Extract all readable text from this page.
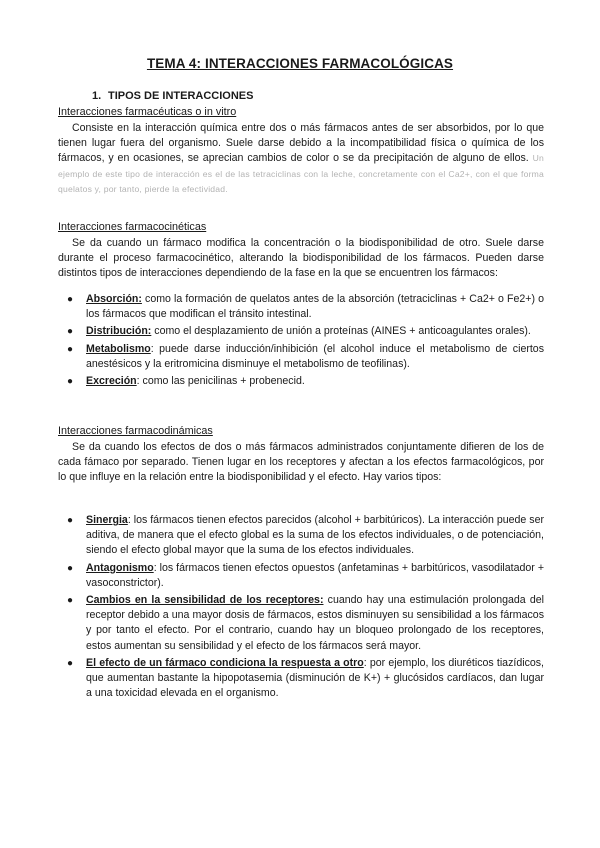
TEMA 4: INTERACCIONES FARMACOLÓGICAS
1. TIPOS DE INTERACCIONES
Interacciones farmacéuticas o in vitro

Consiste en la interacción química entre dos o más fármacos antes de ser absorbidos, por lo que tienen lugar fuera del organismo. Suele darse debido a la incompatibilidad física o química de los fármacos, y en ocasiones, se aprecian cambios de color o se da precipitación de alguno de ellos. Un ejemplo de este tipo de interacción es el de las tetraciclinas con la leche, concretamente con el Ca2+, con el que forma quelatos y, por tanto, pierde la efectividad.

Interacciones farmacocinéticas

Se da cuando un fármaco modifica la concentración o la biodisponibilidad de otro. Suele darse durante el proceso farmacocinético, alterando la biodisponibilidad de los fármacos. Pueden darse distintos tipos de interacciones dependiendo de la fase en la que se encuentren los fármacos:

● Absorción: como la formación de quelatos antes de la absorción (tetraciclinas + Ca2+ o Fe2+) o los fármacos que modifican el tránsito intestinal.
● Distribución: como el desplazamiento de unión a proteínas (AINES + anticoagulantes orales).
● Metabolismo: puede darse inducción/inhibición (el alcohol induce el metabolismo de ciertos anestésicos y la eritromicina disminuye el metabolismo de teofilinas).
● Excreción: como las penicilinas + probenecid.
Interacciones farmacodinámicas

Se da cuando los efectos de dos o más fármacos administrados conjuntamente difieren de los de cada fámaco por separado. Tienen lugar en los receptores y afectan a los efectos farmacológicos, por lo que influye en la relación entre la biodisponibilidad y el efecto. Hay varios tipos:

● Sinergia: los fármacos tienen efectos parecidos (alcohol + barbitúricos). La interacción puede ser aditiva, de manera que el efecto global es la suma de los efectos individuales, o de potenciación, siendo el efecto global mayor que la suma de los efectos individuales.
● Antagonismo: los fármacos tienen efectos opuestos (anfetaminas + barbitúricos, vasodilatador + vasoconstrictor).
● Cambios en la sensibilidad de los receptores: cuando hay una estimulación prolongada del receptor debido a una mayor dosis de fármacos, estos disminuyen su sensibilidad a los fármacos y por tanto el efecto. Por el contrario, cuando hay un bloqueo prolongado de los receptores, estos aumentan su sensibilidad y el efecto de los fármacos será mayor.
● El efecto de un fármaco condiciona la respuesta a otro: por ejemplo, los diuréticos tiazídicos, que aumentan bastante la hipopotasemia (disminución de K+) + glucósidos cardíacos, dan lugar a una toxicidad elevada en el organismo.
